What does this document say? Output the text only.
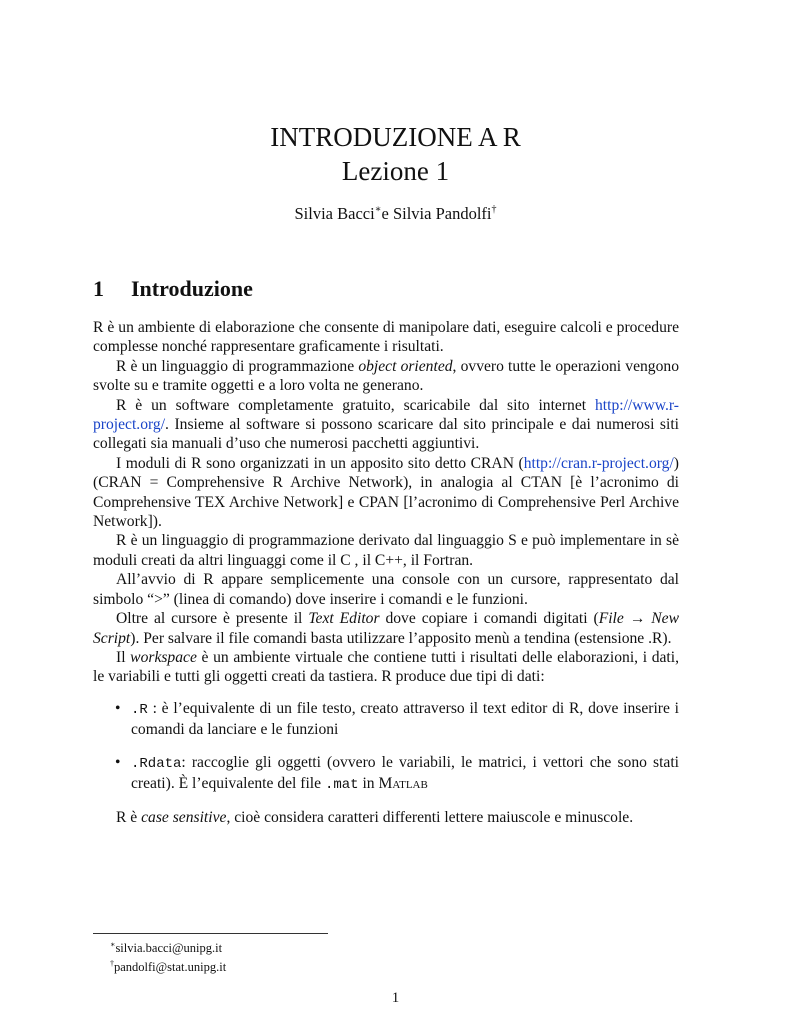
INTRODUZIONE A R
Lezione 1
Silvia Bacci∗e Silvia Pandolfi†
1 Introduzione

R è un ambiente di elaborazione che consente di manipolare dati, eseguire calcoli e procedure complesse nonché rappresentare graficamente i risultati.

R è un linguaggio di programmazione object oriented, ovvero tutte le operazioni vengono svolte su e tramite oggetti e a loro volta ne generano.

R è un software completamente gratuito, scaricabile dal sito internet http://www.r-project.org/. Insieme al software si possono scaricare dal sito principale e dai numerosi siti collegati sia manuali d’uso che numerosi pacchetti aggiuntivi.

I moduli di R sono organizzati in un apposito sito detto CRAN (http://cran.r-project.org/) (CRAN = Comprehensive R Archive Network), in analogia al CTAN [è l’acronimo di Comprehensive TEX Archive Network] e CPAN [l’acronimo di Comprehensive Perl Archive Network]).

R è un linguaggio di programmazione derivato dal linguaggio S e può implementare in sè moduli creati da altri linguaggi come il C , il C++, il Fortran.

All’avvio di R appare semplicemente una console con un cursore, rappresentato dal simbolo “>” (linea di comando) dove inserire i comandi e le funzioni.

Oltre al cursore è presente il Text Editor dove copiare i comandi digitati (File → New Script). Per salvare il file comandi basta utilizzare l’apposito menù a tendina (estensione .R).

Il workspace è un ambiente virtuale che contiene tutti i risultati delle elaborazioni, i dati, le variabili e tutti gli oggetti creati da tastiera. R produce due tipi di dati:

• .R : è l’equivalente di un file testo, creato attraverso il text editor di R, dove inserire i comandi da lanciare e le funzioni
• .Rdata: raccoglie gli oggetti (ovvero le variabili, le matrici, i vettori che sono stati creati). È l’equivalente del file .mat in Matlab

R è case sensitive, cioè considera caratteri differenti lettere maiuscole e minuscole.

∗silvia.bacci@unipg.it
†pandolfi@stat.unipg.it
1
